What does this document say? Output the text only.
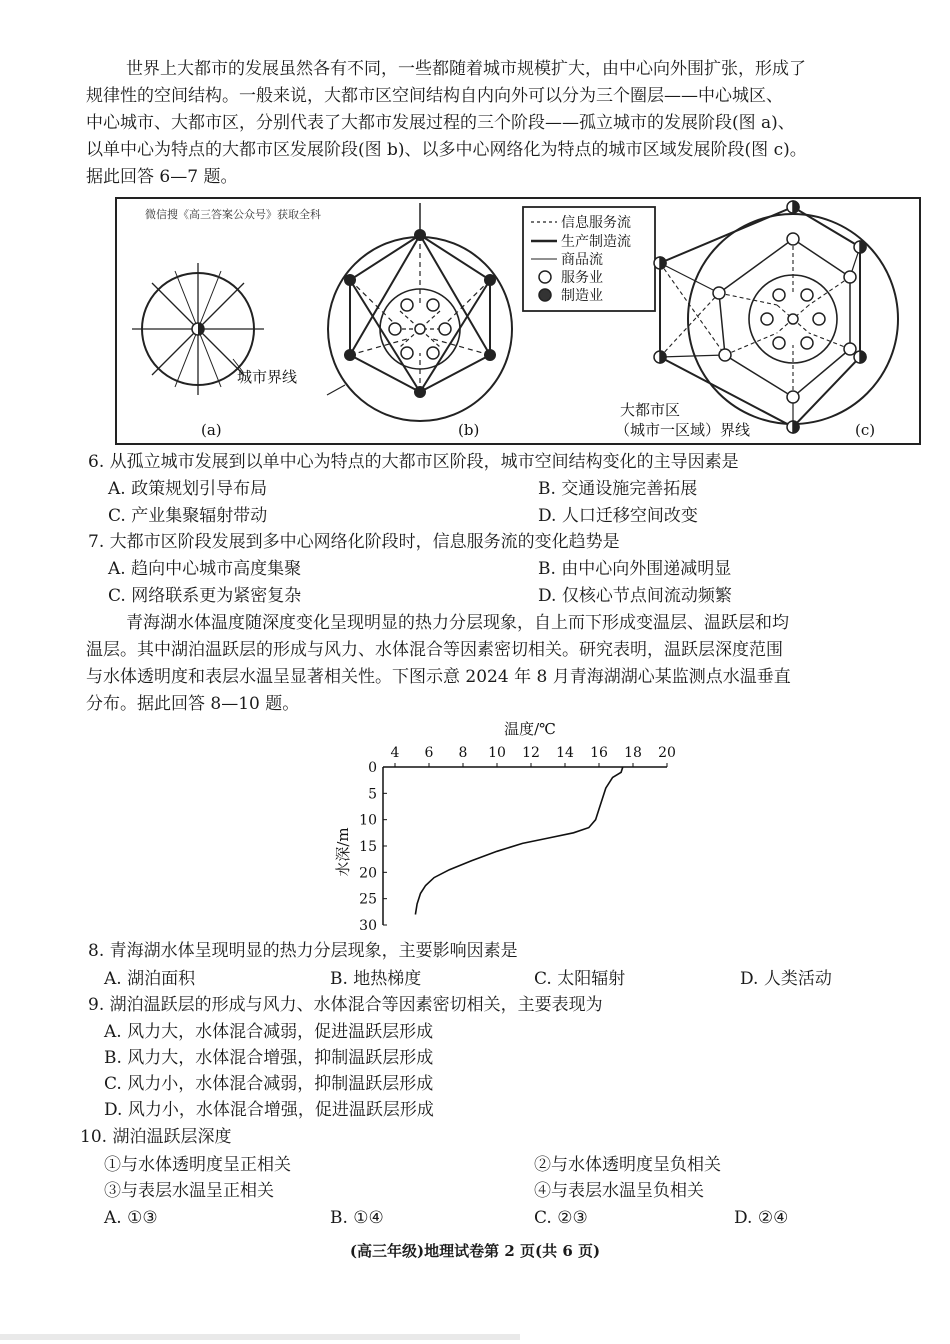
世界上大都市的发展虽然各有不同，一些都随着城市规模扩大，由中心向外围扩张，形成了
规律性的空间结构。一般来说，大都市区空间结构自内向外可以分为三个圈层——中心城区、
中心城市、大都市区，分别代表了大都市发展过程的三个阶段——孤立城市的发展阶段(图 a)、
以单中心为特点的大都市区发展阶段(图 b)、以多中心网络化为特点的城市区域发展阶段(图 c)。
据此回答 6—7 题。
微信搜《高三答案公众号》获取全科
城市界线
(a)	(b)
信息服务流
生产制造流
商品流
服务业
制造业
大都市区
（城市一区域）界线	(c)
6. 从孤立城市发展到以单中心为特点的大都市区阶段，城市空间结构变化的主导因素是
A. 政策规划引导布局	B. 交通设施完善拓展
C. 产业集聚辐射带动	D. 人口迁移空间改变
7. 大都市区阶段发展到多中心网络化阶段时，信息服务流的变化趋势是
A. 趋向中心城市高度集聚	B. 由中心向外围递减明显
C. 网络联系更为紧密复杂	D. 仅核心节点间流动频繁
青海湖水体温度随深度变化呈现明显的热力分层现象，自上而下形成变温层、温跃层和均
温层。其中湖泊温跃层的形成与风力、水体混合等因素密切相关。研究表明，温跃层深度范围
与水体透明度和表层水温呈显著相关性。下图示意 2024 年 8 月青海湖湖心某监测点水温垂直
分布。据此回答 8—10 题。
温度/℃
4 6 8 10 12 14 16 18 20
0
5
10
15
20
25
30
水深/m
8. 青海湖水体呈现明显的热力分层现象，主要影响因素是
A. 湖泊面积	B. 地热梯度	C. 太阳辐射	D. 人类活动
9. 湖泊温跃层的形成与风力、水体混合等因素密切相关，主要表现为
A. 风力大，水体混合减弱，促进温跃层形成
B. 风力大，水体混合增强，抑制温跃层形成
C. 风力小，水体混合减弱，抑制温跃层形成
D. 风力小，水体混合增强，促进温跃层形成
10. 湖泊温跃层深度
①与水体透明度呈正相关	②与水体透明度呈负相关
③与表层水温呈正相关	④与表层水温呈负相关
A. ①③	B. ①④	C. ②③	D. ②④
(高三年级)地理试卷第 2 页(共 6 页)
